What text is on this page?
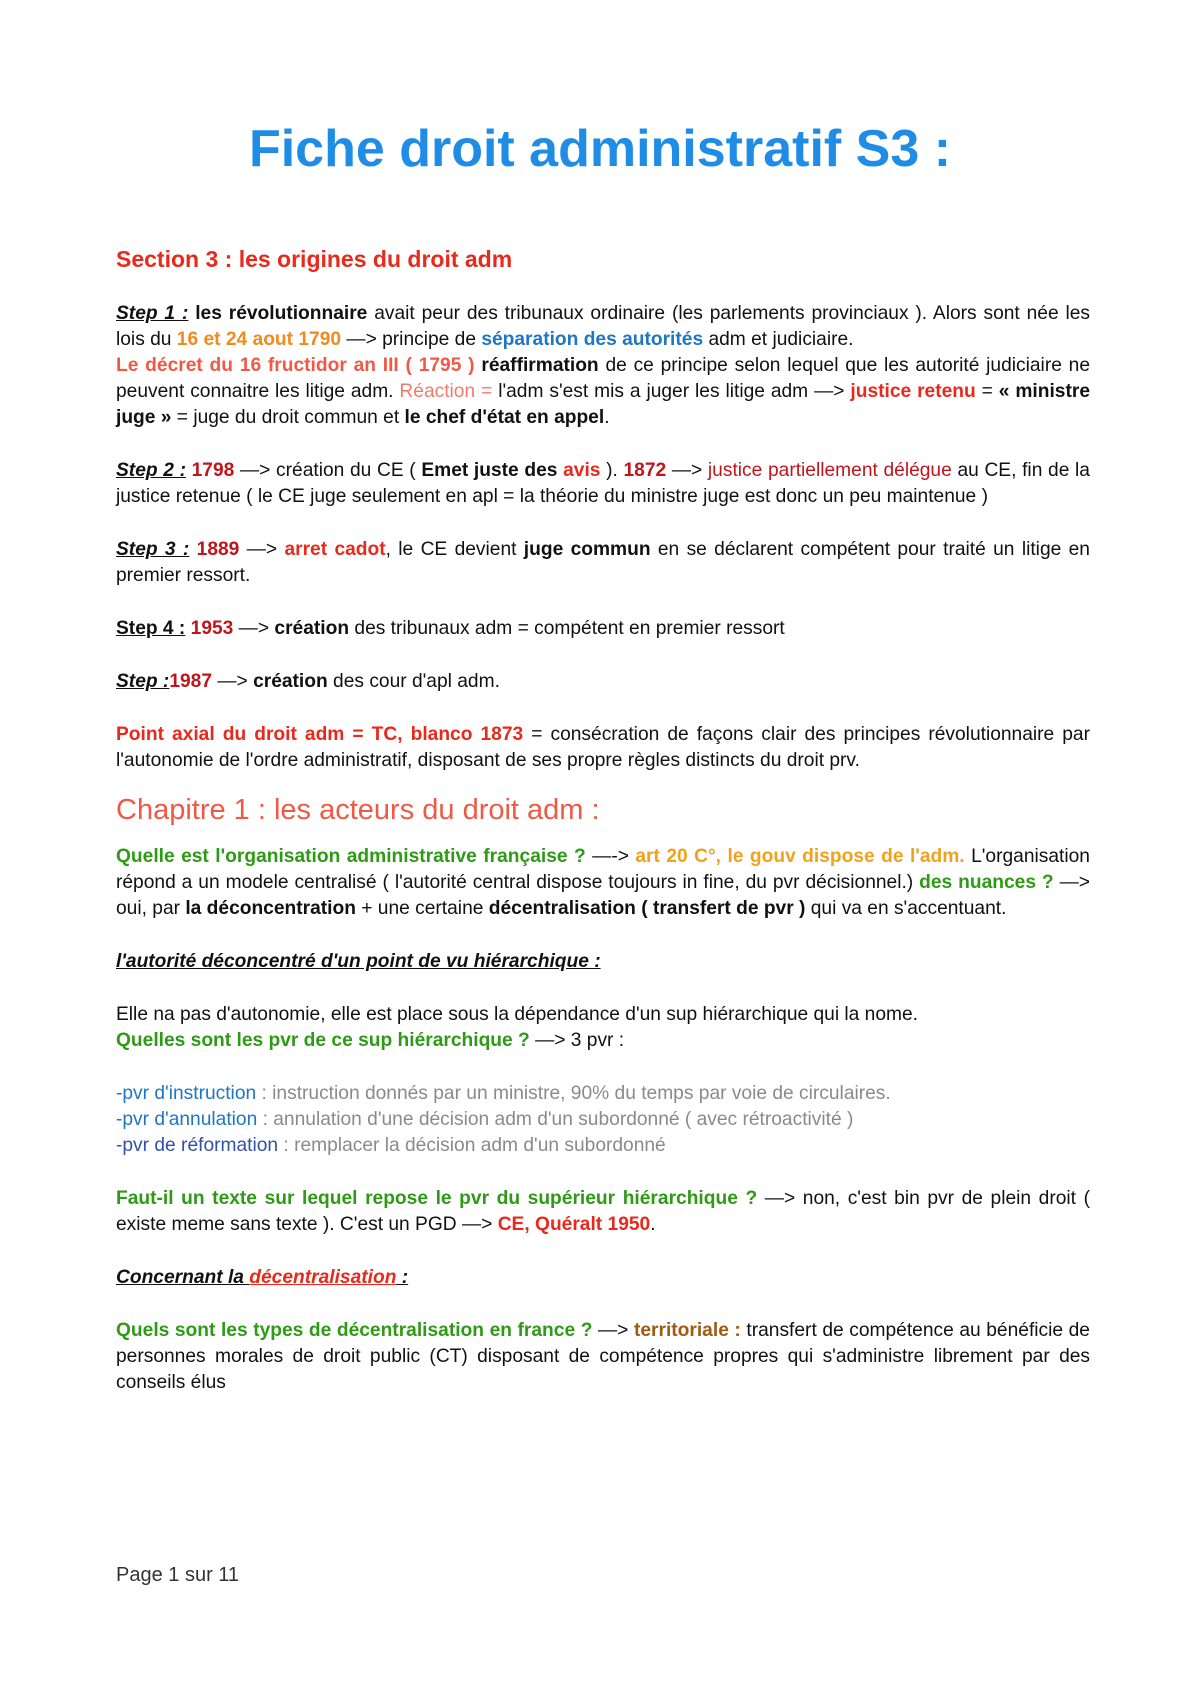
Fiche droit administratif S3 :

Section 3 : les origines du droit adm

Step 1 : les révolutionnaire avait peur des tribunaux ordinaire (les parlements provinciaux ). Alors sont née les lois du 16 et 24 aout 1790 —> principe de séparation des autorités adm et judiciaire.

Le décret du 16 fructidor an III ( 1795 ) réaffirmation de ce principe selon lequel que les autorité judiciaire ne peuvent connaitre les litige adm. Réaction = l'adm s'est mis a juger les litige adm —> justice retenu = « ministre juge » = juge du droit commun et le chef d'état en appel.

Step 2 : 1798 —> création du CE ( Emet juste des avis ). 1872 —> justice partiellement délégue au CE, fin de la justice retenue ( le CE juge seulement en apl = la théorie du ministre juge est donc un peu maintenue )

Step 3 : 1889 —> arret cadot, le CE devient juge commun en se déclarent compétent pour traité un litige en premier ressort.

Step 4 : 1953 —> création des tribunaux adm = compétent en premier ressort

Step :1987 —> création des cour d'apl adm.

Point axial du droit adm = TC, blanco 1873 = consécration de façons clair des principes révolutionnaire par l'autonomie de l'ordre administratif, disposant de ses propre règles distincts du droit prv.

Chapitre 1 : les acteurs du droit adm :

Quelle est l'organisation administrative française ? —-> art 20 C°, le gouv dispose de l'adm. L'organisation répond a un modele centralisé ( l'autorité central dispose toujours in fine, du pvr décisionnel.) des nuances ? —> oui, par la déconcentration + une certaine décentralisation ( transfert de pvr ) qui va en s'accentuant.

l'autorité déconcentré d'un point de vu hiérarchique :

Elle na pas d'autonomie, elle est place sous la dépendance d'un sup hiérarchique qui la nome.
Quelles sont les pvr de ce sup hiérarchique ? —> 3 pvr :

-pvr d'instruction : instruction donnés par un ministre, 90% du temps par voie de circulaires.
-pvr d'annulation : annulation d'une décision adm d'un subordonné ( avec rétroactivité )
-pvr de réformation : remplacer la décision adm d'un subordonné

Faut-il un texte sur lequel repose le pvr du supérieur hiérarchique ? —> non, c'est bin pvr de plein droit ( existe meme sans texte ). C'est un PGD —> CE, Quéralt 1950.

Concernant la décentralisation :

Quels sont les types de décentralisation en france ? —> territoriale : transfert de compétence au bénéficie de personnes morales de droit public (CT) disposant de compétence propres qui s'administre librement par des conseils élus

Page 1 sur 11
